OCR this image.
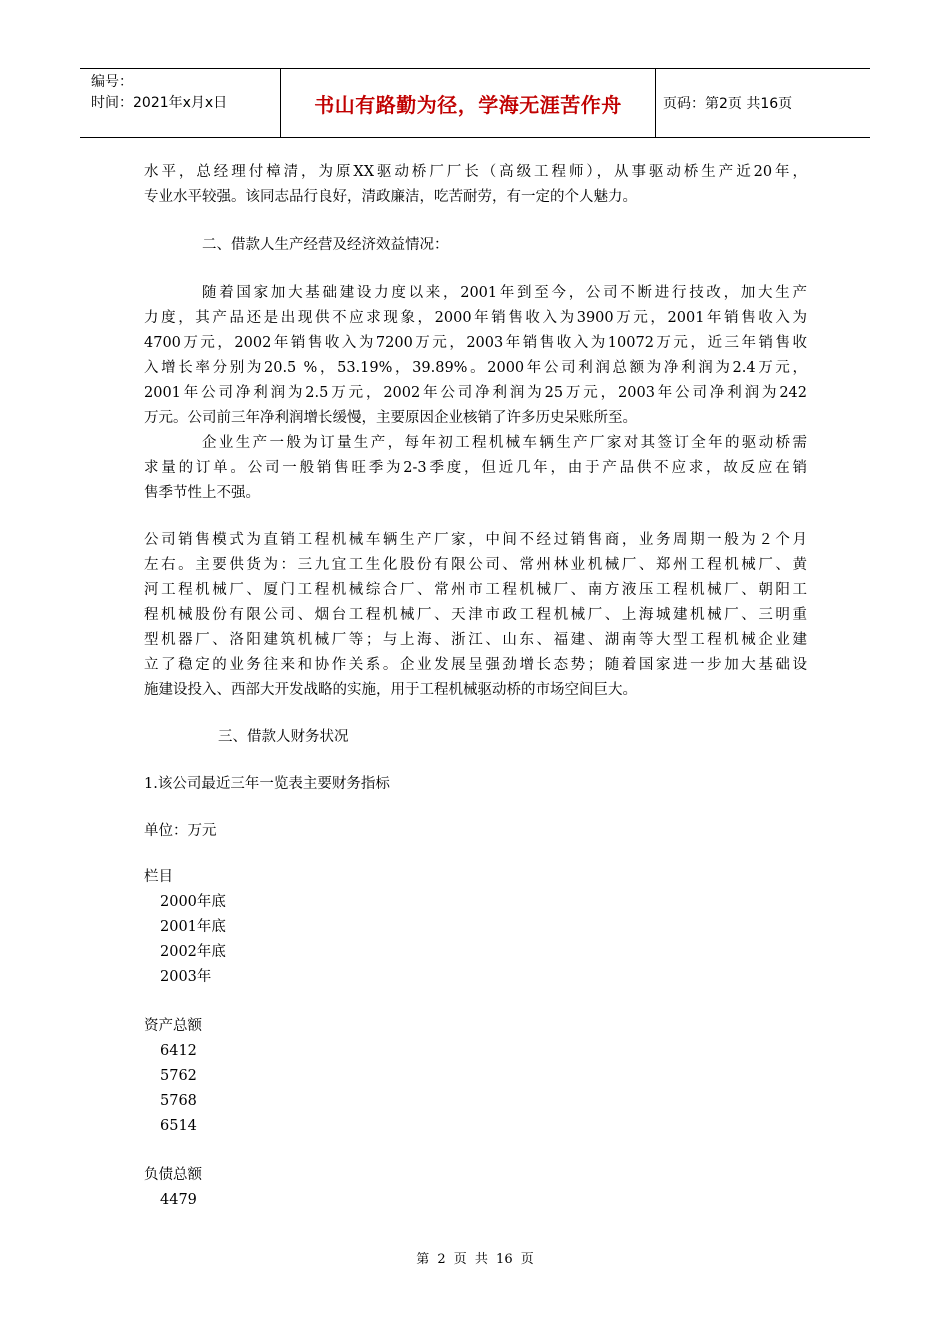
编号：
时间：2021年x月x日	书山有路勤为径，学海无涯苦作舟	页码：第2页 共16页
水平，总经理付樟清，为原XX驱动桥厂厂长（高级工程师），从事驱动桥生产近20年，
专业水平较强。该同志品行良好，清政廉洁，吃苦耐劳，有一定的个人魅力。
二、借款人生产经营及经济效益情况：
随着国家加大基础建设力度以来，2001年到至今，公司不断进行技改，加大生产
力度，其产品还是出现供不应求现象，2000年销售收入为3900万元，2001年销售收入为
4700万元，2002年销售收入为7200万元，2003年销售收入为10072万元，近三年销售收
入增长率分别为20.5 %，53.19%，39.89%。2000年公司利润总额为净利润为2.4万元，
2001年公司净利润为2.5万元，2002年公司净利润为25万元，2003年公司净利润为242
万元。公司前三年净利润增长缓慢，主要原因企业核销了许多历史呆账所至。
企业生产一般为订量生产，每年初工程机械车辆生产厂家对其签订全年的驱动桥需
求量的订单。公司一般销售旺季为2-3季度，但近几年，由于产品供不应求，故反应在销
售季节性上不强。
公司销售模式为直销工程机械车辆生产厂家，中间不经过销售商，业务周期一般为２个月
左右。主要供货为：三九宜工生化股份有限公司、常州林业机械厂、郑州工程机械厂、黄
河工程机械厂、厦门工程机械综合厂、常州市工程机械厂、南方液压工程机械厂、朝阳工
程机械股份有限公司、烟台工程机械厂、天津市政工程机械厂、上海城建机械厂、三明重
型机器厂、洛阳建筑机械厂等；与上海、浙江、山东、福建、湖南等大型工程机械企业建
立了稳定的业务往来和协作关系。企业发展呈强劲增长态势；随着国家进一步加大基础设
施建设投入、西部大开发战略的实施，用于工程机械驱动桥的市场空间巨大。
三、借款人财务状况
1.该公司最近三年一览表主要财务指标
单位：万元
栏目
2000年底
2001年底
2002年底
2003年
资产总额
6412
5762
5768
6514
负债总额
4479
第 2 页 共 16 页
